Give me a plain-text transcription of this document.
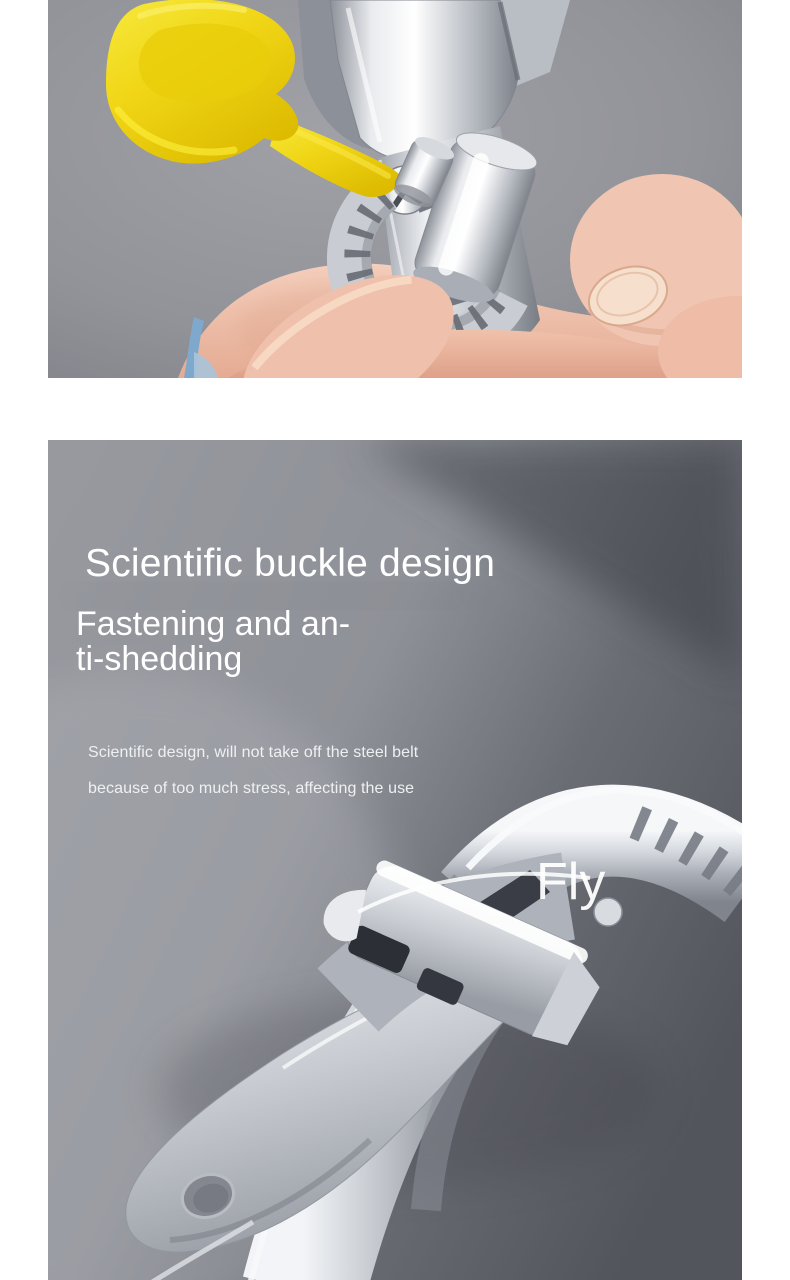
Scientific buckle design
Fastening and an-
ti-shedding

Scientific design, will not take off the steel belt

because of too much stress, affecting the use

Fly
